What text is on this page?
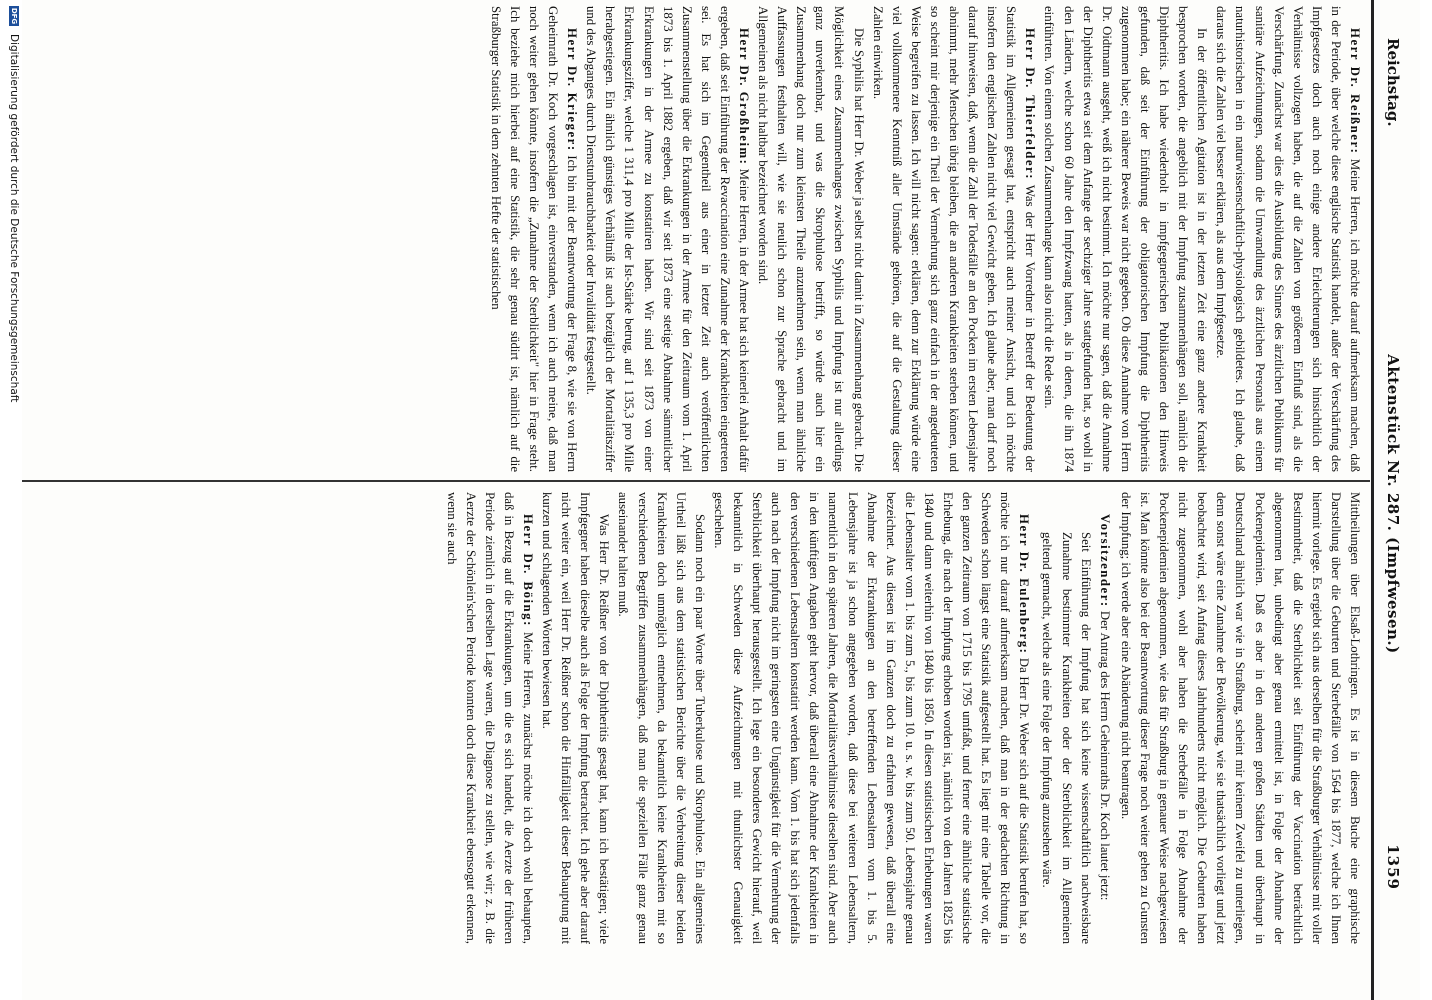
Reichstag.
Aktenstück Nr. 287. (Impfwesen.)
1359

Herr Dr. Reißner: Meine Herren, ich möchte darauf aufmerksam machen, daß in der Periode, über welche diese englische Statistik handelt, außer der Verschärfung des Impfgesetzes doch auch noch einige andere Erleichterungen sich hinsichtlich der Verhältnisse vollzogen haben, die auf die Zahlen von größerem Einfluß sind, als die Verschärfung. Zunächst war dies die Ausbildung des Sinnes des ärztlichen Publikums für sanitäre Aufzeichnungen, sodann die Umwandlung des ärztlichen Personals aus einem naturhistorischen in ein naturwissenschaftlich-physiologisch gebildetes. Ich glaube, daß daraus sich die Zahlen viel besser erklären, als aus dem Impfgesetze.

In der öffentlichen Agitation ist in der letzten Zeit eine ganz andere Krankheit besprochen worden, die angeblich mit der Impfung zusammenhängen soll, nämlich die Diphtheritis. Ich habe wiederholt in impfgegnerischen Publikationen den Hinweis gefunden, daß seit der Einführung der obligatorischen Impfung die Diphtheritis zugenommen habe; ein näherer Beweis war nicht gegeben. Ob diese Annahme von Herrn Dr. Oidtmann ausgeht, weiß ich nicht bestimmt. Ich möchte nur sagen, daß die Annahme der Diphtheritis etwa seit dem Anfange der sechziger Jahre stattgefunden hat, so wohl in den Ländern, welche schon 60 Jahre den Impfzwang hatten, als in denen, die ihn 1874 einführten. Von einem solchen Zusammenhange kann also nicht die Rede sein.

Herr Dr. Thierfelder: Was der Herr Vorredner in Betreff der Bedeutung der Statistik im Allgemeinen gesagt hat, entspricht auch meiner Ansicht, und ich möchte insofern den englischen Zahlen nicht viel Gewicht geben. Ich glaube aber, man darf noch darauf hinweisen, daß, wenn die Zahl der Todesfälle an den Pocken im ersten Lebensjahre abnimmt, mehr Menschen übrig bleiben, die an anderen Krankheiten sterben können, und so scheint mir derjenige ein Theil der Vermehrung sich ganz einfach in der angedeuteten Weise begreifen zu lassen. Ich will nicht sagen: erklären, denn zur Erklärung würde eine viel vollkommenere Kenntniß aller Umstände gehören, die auf die Gestaltung dieser Zahlen einwirken.

Die Syphilis hat Herr Dr. Weber ja selbst nicht damit in Zusammenhang gebracht. Die Möglichkeit eines Zusammenhanges zwischen Syphilis und Impfung ist nur allerdings ganz unverkennbar, und was die Skrophulose betrifft, so würde auch hier ein Zusammenhang doch nur zum kleinsten Theile anzunehmen sein, wenn man ähnliche Auffassungen festhalten will, wie sie neulich schon zur Sprache gebracht und im Allgemeinen als nicht haltbar bezeichnet worden sind.

Herr Dr. Großheim: Meine Herren, in der Armee hat sich keinerlei Anhalt dafür ergeben, daß seit Einführung der Revaccination eine Zunahme der Krankheiten eingetreten sei. Es hat sich im Gegentheil aus einer in letzter Zeit auch veröffentlichten Zusammenstellung über die Erkrankungen in der Armee für den Zeitraum vom 1. April 1873 bis 1. April 1882 ergeben, daß wir seit 1873 eine stetige Abnahme sämmtlicher Erkrankungen in der Armee zu konstatiren haben. Wir sind seit 1873 von einer Erkrankungsziffer, welche 1 311,4 pro Mille der Ist-Stärke betrug, auf 1 135,3 pro Mille herabgestiegen. Ein ähnlich günstiges Verhältniß ist auch bezüglich der Mortalitätsziffer und des Abganges durch Dienstunbrauchbarkeit oder Invalidität festgestellt.

Herr Dr. Krieger: Ich bin mit der Beantwortung der Frage 8, wie sie von Herrn Geheimrath Dr. Koch vorgeschlagen ist, einverstanden, wenn ich auch meine, daß man noch weiter gehen könnte, insofern die „Zunahme der Sterblichkeit" hier in Frage steht. Ich beziehe mich hierbei auf eine Statistik, die sehr genau südirt ist, nämlich auf die Straßburger Statistik in dem zehnten Hefte der statistischen

Mittheilungen über Elsaß-Lothringen. Es ist in diesem Buche eine graphische Darstellung über die Geburten und Sterbefälle von 1564 bis 1877, welche ich Ihnen hiermit vorlege. Es ergiebt sich aus derselben für die Straßburger Verhältnisse mit voller Bestimmtheit, daß die Sterblichkeit seit Einführung der Vaccination beträchtlich abgenommen hat, unbedingt aber genau ermittelt ist, in Folge der Abnahme der Pockenepidemien. Daß es aber in den anderen großen Städten und überhaupt in Deutschland ähnlich war wie in Straßburg, scheint mir keinem Zweifel zu unterliegen, denn sonst wäre eine Zunahme der Bevölkerung, wie sie thatsächlich vorliegt und jetzt beobachtet wird, seit Anfang dieses Jahrhunderts nicht möglich. Die Geburten haben nicht zugenommen, wohl aber haben die Sterbefälle in Folge Abnahme der Pockenepidemien abgenommen, wie das für Straßburg in genauer Weise nachgewiesen ist. Man könnte also bei der Beantwortung dieser Frage noch weiter gehen zu Gunsten der Impfung; ich werde aber eine Abänderung nicht beantragen.

Vorsitzender: Der Antrag des Herrn Geheimraths Dr. Koch lautet jetzt:

Seit Einführung der Impfung hat sich keine wissenschaftlich nachweisbare Zunahme bestimmter Krankheiten oder der Sterblichkeit im Allgemeinen geltend gemacht, welche als eine Folge der Impfung anzusehen wäre.

Herr Dr. Eulenberg: Da Herr Dr. Weber sich auf die Statistik berufen hat, so möchte ich nur darauf aufmerksam machen, daß man in der gedachten Richtung in Schweden schon längst eine Statistik aufgestellt hat. Es liegt mir eine Tabelle vor, die den ganzen Zeitraum von 1715 bis 1795 umfaßt, und ferner eine ähnliche statistische Erhebung, die nach der Impfung erhoben worden ist, nämlich von den Jahren 1825 bis 1840 und dann weiterhin von 1840 bis 1850. In diesen statistischen Erhebungen waren die Lebensalter vom 1. bis zum 5., bis zum 10. u. s. w. bis zum 50. Lebensjahre genau bezeichnet. Aus diesen ist im Ganzen doch zu erfahren gewesen, daß überall eine Abnahme der Erkrankungen an den betreffenden Lebensaltern vom 1. bis 5. Lebensjahre ist ja schon angegeben worden, daß diese bei weiteren Lebensaltern, namentlich in den späteren Jahren, die Mortalitätsverhältnisse dieselben sind. Aber auch in den künftigen Angaben geht hervor, daß überall eine Abnahme der Krankheiten in den verschiedenen Lebensaltern konstatirt werden kann. Vom 1. bis hat sich jedenfalls auch nach der Impfung nicht im geringsten eine Ungünstigkeit für die Vermehrung der Sterblichkeit überhaupt herausgestellt. Ich lege ein besonderes Gewicht hierauf, weil bekanntlich in Schweden diese Aufzeichnungen mit thunlichster Genauigkeit geschehen.

Sodann noch ein paar Worte über Tuberkulose und Skrophulose. Ein allgemeines Urtheil läßt sich aus dem statistischen Berichte über die Verbreitung dieser beiden Krankheiten doch unmöglich entnehmen, da bekanntlich keine Krankheiten mit so verschiedenen Begriffen zusammenhängen, daß man die speziellen Fälle ganz genau auseinander halten muß.

Was Herr Dr. Reißner von der Diphtheritis gesagt hat, kann ich bestätigen; viele Impfgegner haben dieselbe auch als Folge der Impfung betrachtet. Ich gehe aber darauf nicht weiter ein, weil Herr Dr. Reißner schon die Hinfälligkeit dieser Behauptung mit kurzen und schlagenden Worten bewiesen hat.

Herr Dr. Böing: Meine Herren, zunächst möchte ich doch wohl behaupten, daß in Bezug auf die Erkrankungen, um die es sich handelt, die Aerzte der früheren Periode ziemlich in derselben Lage waren, die Diagnose zu stellen, wie wir; z. B. die Aerzte der Schönlein'schen Periode konnten doch diese Krankheit ebensogut erkennen, wenn sie auch

DFG
Digitalisierung gefördert durch die Deutsche Forschungsgemeinschaft
